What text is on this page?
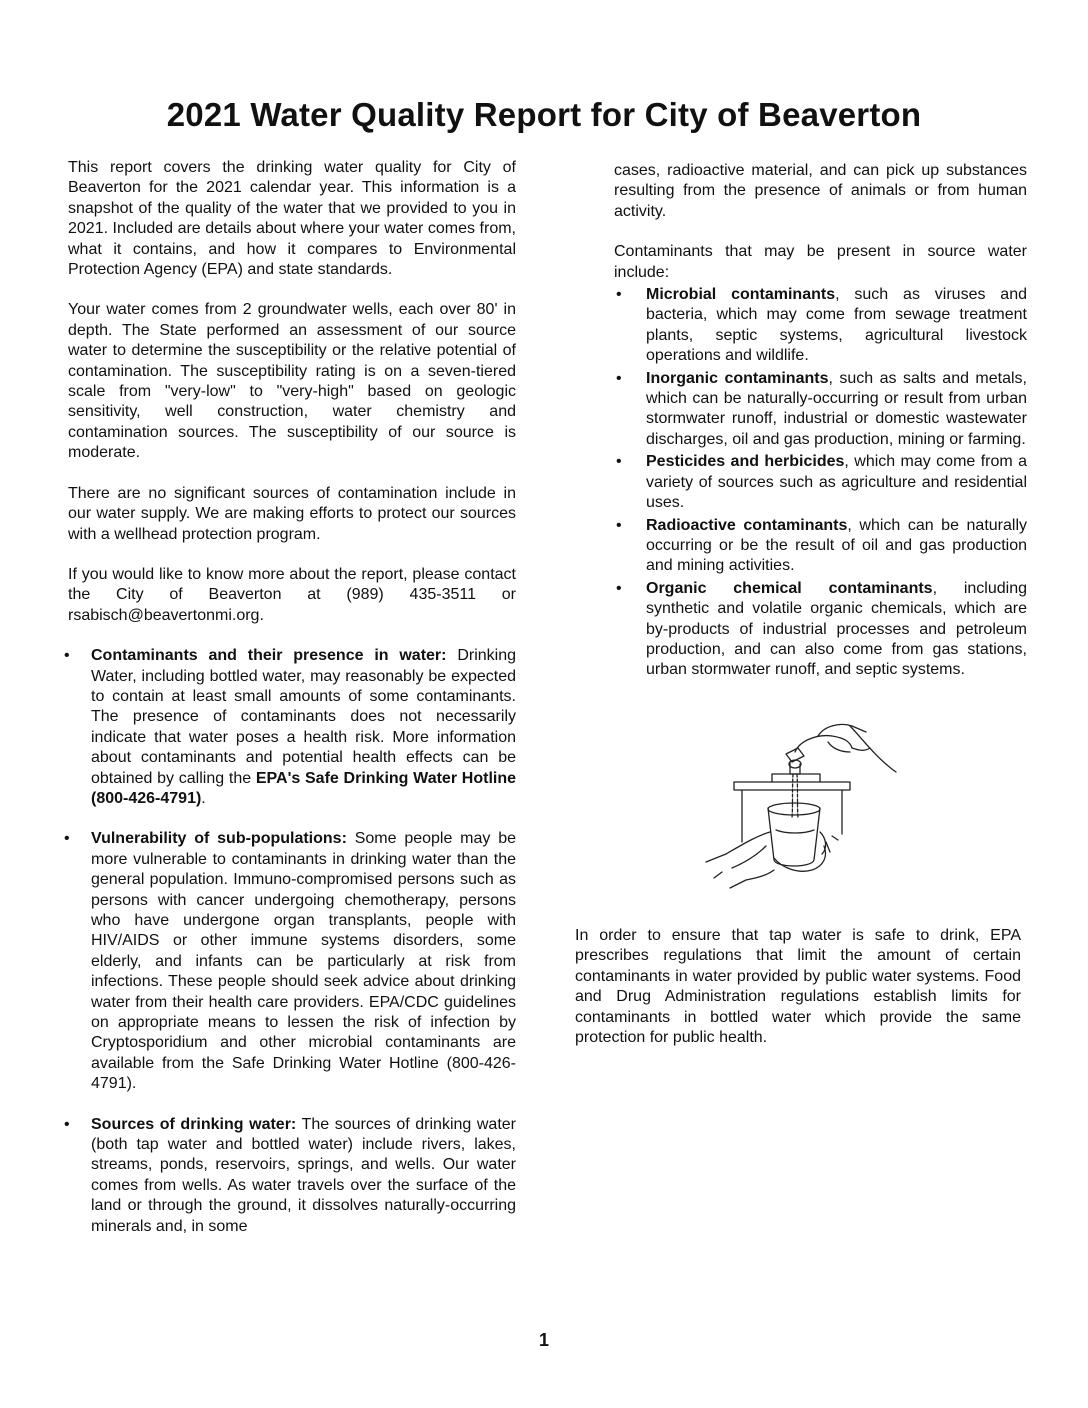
2021 Water Quality Report for City of Beaverton

This report covers the drinking water quality for City of Beaverton for the 2021 calendar year. This information is a snapshot of the quality of the water that we provided to you in 2021. Included are details about where your water comes from, what it contains, and how it compares to Environmental Protection Agency (EPA) and state standards.

Your water comes from 2 groundwater wells, each over 80' in depth. The State performed an assessment of our source water to determine the susceptibility or the relative potential of contamination. The susceptibility rating is on a seven-tiered scale from "very-low" to "very-high" based on geologic sensitivity, well construction, water chemistry and contamination sources. The susceptibility of our source is moderate.

There are no significant sources of contamination include in our water supply. We are making efforts to protect our sources with a wellhead protection program.

If you would like to know more about the report, please contact the City of Beaverton at (989) 435-3511 or rsabisch@beavertonmi.org.

• Contaminants and their presence in water: Drinking Water, including bottled water, may reasonably be expected to contain at least small amounts of some contaminants. The presence of contaminants does not necessarily indicate that water poses a health risk. More information about contaminants and potential health effects can be obtained by calling the EPA's Safe Drinking Water Hotline (800-426-4791).
• Vulnerability of sub-populations: Some people may be more vulnerable to contaminants in drinking water than the general population. Immuno-compromised persons such as persons with cancer undergoing chemotherapy, persons who have undergone organ transplants, people with HIV/AIDS or other immune systems disorders, some elderly, and infants can be particularly at risk from infections. These people should seek advice about drinking water from their health care providers. EPA/CDC guidelines on appropriate means to lessen the risk of infection by Cryptosporidium and other microbial contaminants are available from the Safe Drinking Water Hotline (800-426-4791).
• Sources of drinking water: The sources of drinking water (both tap water and bottled water) include rivers, lakes, streams, ponds, reservoirs, springs, and wells. Our water comes from wells. As water travels over the surface of the land or through the ground, it dissolves naturally-occurring minerals and, in some

cases, radioactive material, and can pick up substances resulting from the presence of animals or from human activity.

Contaminants that may be present in source water include:

• Microbial contaminants, such as viruses and bacteria, which may come from sewage treatment plants, septic systems, agricultural livestock operations and wildlife.
• Inorganic contaminants, such as salts and metals, which can be naturally-occurring or result from urban stormwater runoff, industrial or domestic wastewater discharges, oil and gas production, mining or farming.
• Pesticides and herbicides, which may come from a variety of sources such as agriculture and residential uses.
• Radioactive contaminants, which can be naturally occurring or be the result of oil and gas production and mining activities.
• Organic chemical contaminants, including synthetic and volatile organic chemicals, which are by-products of industrial processes and petroleum production, and can also come from gas stations, urban stormwater runoff, and septic systems.

In order to ensure that tap water is safe to drink, EPA prescribes regulations that limit the amount of certain contaminants in water provided by public water systems. Food and Drug Administration regulations establish limits for contaminants in bottled water which provide the same protection for public health.

1
